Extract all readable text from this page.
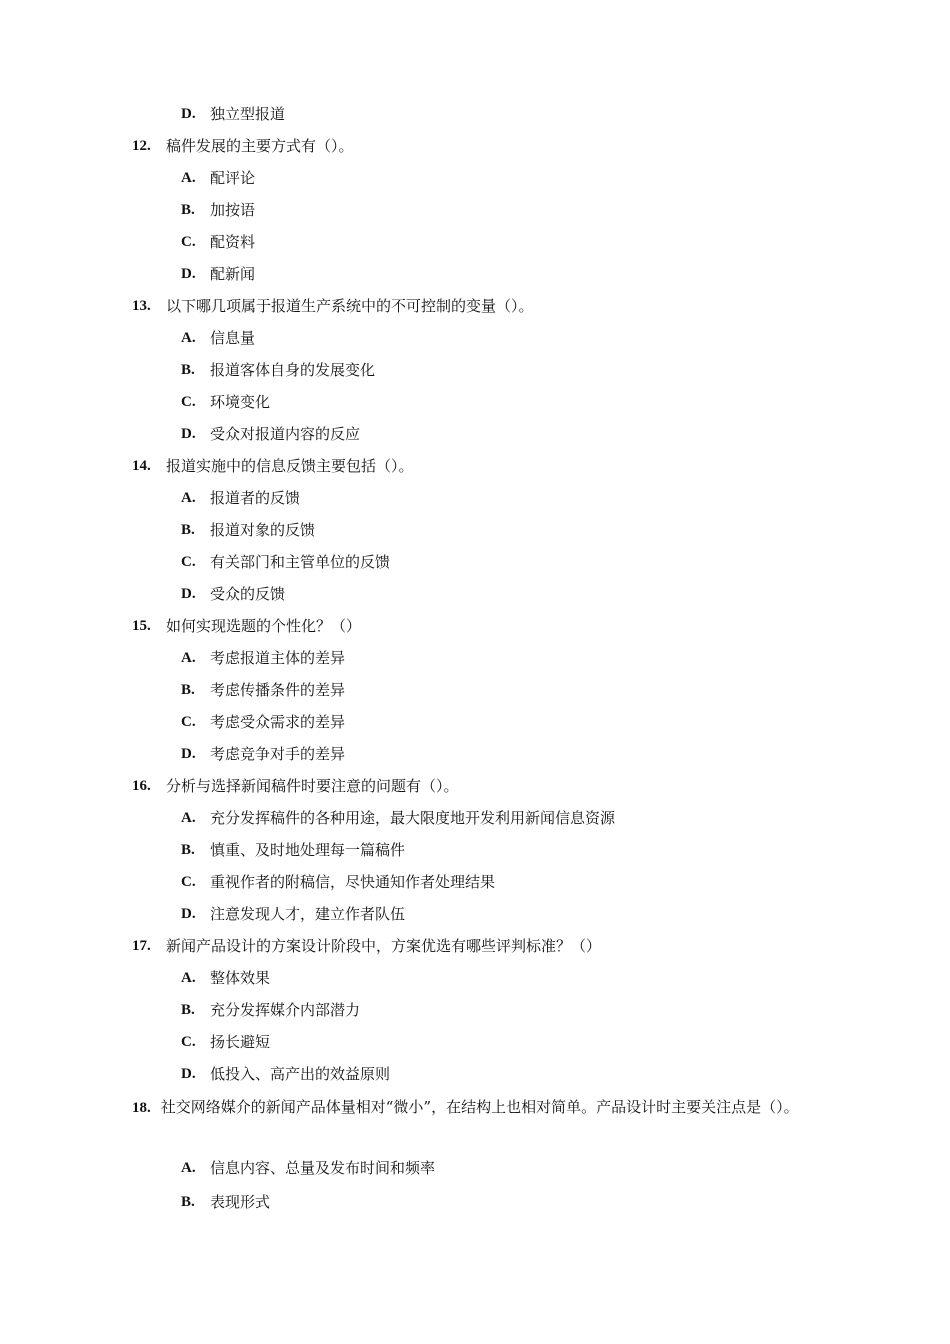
D. 独立型报道
12. 稿件发展的主要方式有（）。
A. 配评论
B. 加按语
C. 配资料
D. 配新闻
13. 以下哪几项属于报道生产系统中的不可控制的变量（）。
A. 信息量
B. 报道客体自身的发展变化
C. 环境变化
D. 受众对报道内容的反应
14. 报道实施中的信息反馈主要包括（）。
A. 报道者的反馈
B. 报道对象的反馈
C. 有关部门和主管单位的反馈
D. 受众的反馈
15. 如何实现选题的个性化？（）
A. 考虑报道主体的差异
B. 考虑传播条件的差异
C. 考虑受众需求的差异
D. 考虑竞争对手的差异
16. 分析与选择新闻稿件时要注意的问题有（）。
A. 充分发挥稿件的各种用途，最大限度地开发利用新闻信息资源
B. 慎重、及时地处理每一篇稿件
C. 重视作者的附稿信，尽快通知作者处理结果
D. 注意发现人才，建立作者队伍
17. 新闻产品设计的方案设计阶段中，方案优选有哪些评判标准？（）
A. 整体效果
B. 充分发挥媒介内部潜力
C. 扬长避短
D. 低投入、高产出的效益原则
18. 社交网络媒介的新闻产品体量相对“微小”，在结构上也相对简单。产品设计时主要关注点是（）。
A. 信息内容、总量及发布时间和频率
B. 表现形式
